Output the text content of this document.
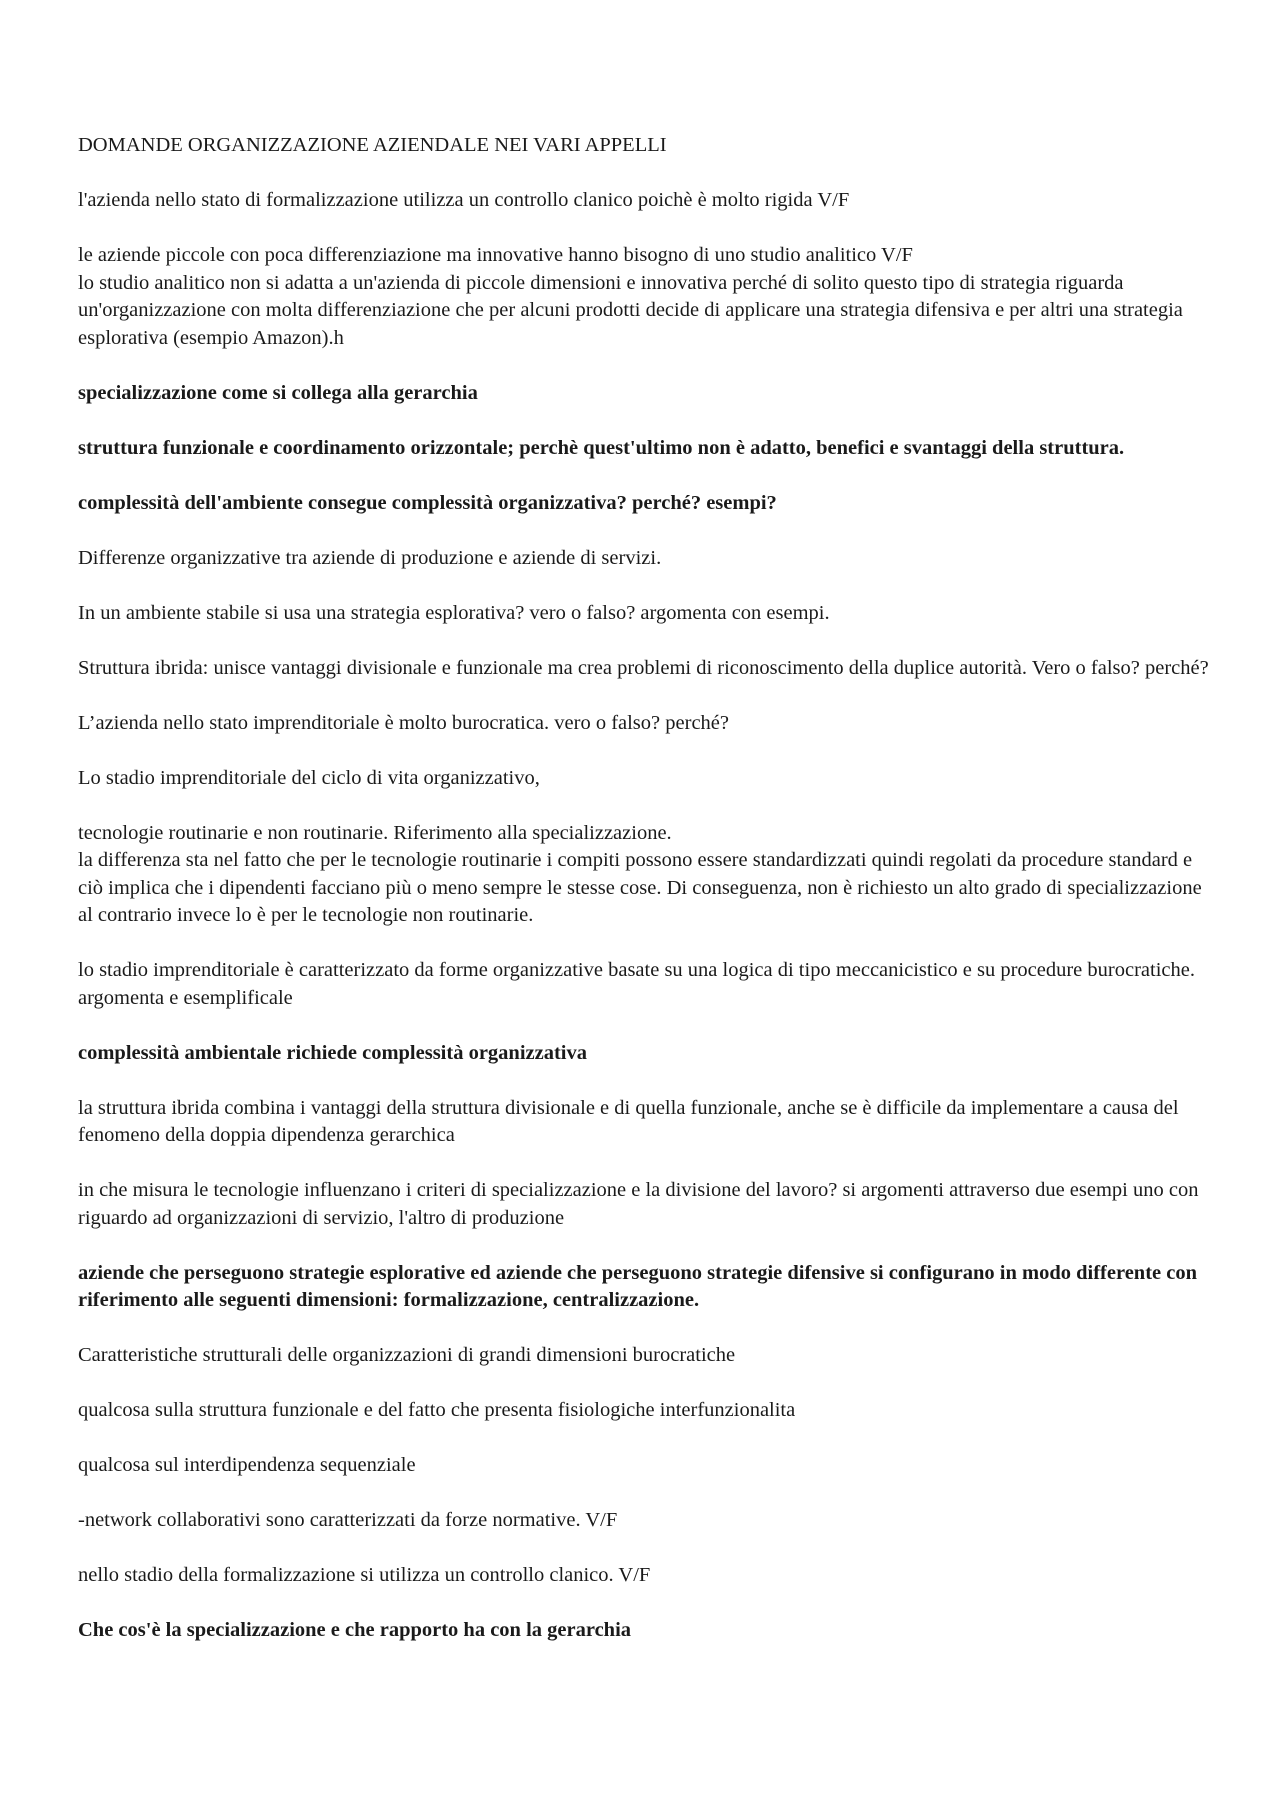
DOMANDE ORGANIZZAZIONE AZIENDALE NEI VARI APPELLI

l'azienda nello stato di formalizzazione utilizza un controllo clanico poichè è molto rigida V/F

le aziende piccole con poca differenziazione ma innovative hanno bisogno di uno studio analitico V/F

lo studio analitico non si adatta a un'azienda di piccole dimensioni e innovativa perché di solito questo tipo di strategia riguarda un'organizzazione con molta differenziazione che per alcuni prodotti decide di applicare una strategia difensiva e per altri una strategia esplorativa (esempio Amazon).h

specializzazione come si collega alla gerarchia

struttura funzionale e coordinamento orizzontale; perchè quest'ultimo non è adatto, benefici e svantaggi della struttura.

complessità dell'ambiente consegue complessità organizzativa? perché? esempi?

Differenze organizzative tra aziende di produzione e aziende di servizi.

In un ambiente stabile si usa una strategia esplorativa? vero o falso? argomenta con esempi.

Struttura ibrida: unisce vantaggi divisionale e funzionale ma crea problemi di riconoscimento della duplice autorità. Vero o falso? perché?

L’azienda nello stato imprenditoriale è molto burocratica. vero o falso? perché?

Lo stadio imprenditoriale del ciclo di vita organizzativo,

tecnologie routinarie e non routinarie. Riferimento alla specializzazione.

la differenza sta nel fatto che per le tecnologie routinarie i compiti possono essere standardizzati quindi regolati da procedure standard e ciò implica che i dipendenti facciano più o meno sempre le stesse cose. Di conseguenza, non è richiesto un alto grado di specializzazione al contrario invece lo è per le tecnologie non routinarie.

lo stadio imprenditoriale è caratterizzato da forme organizzative basate su una logica di tipo meccanicistico e su procedure burocratiche. argomenta e esemplificale

complessità ambientale richiede complessità organizzativa

la struttura ibrida combina i vantaggi della struttura divisionale e di quella funzionale, anche se è difficile da implementare a causa del fenomeno della doppia dipendenza gerarchica

in che misura le tecnologie influenzano i criteri di specializzazione e la divisione del lavoro? si argomenti attraverso due esempi uno con riguardo ad organizzazioni di servizio, l'altro di produzione

aziende che perseguono strategie esplorative ed aziende che perseguono strategie difensive si configurano in modo differente con riferimento alle seguenti dimensioni: formalizzazione, centralizzazione.

Caratteristiche strutturali delle organizzazioni di grandi dimensioni burocratiche

qualcosa sulla struttura funzionale e del fatto che presenta fisiologiche interfunzionalita

qualcosa sul interdipendenza sequenziale

-network collaborativi sono caratterizzati da forze normative. V/F

nello stadio della formalizzazione si utilizza un controllo clanico. V/F

Che cos'è la specializzazione e che rapporto ha con la gerarchia
